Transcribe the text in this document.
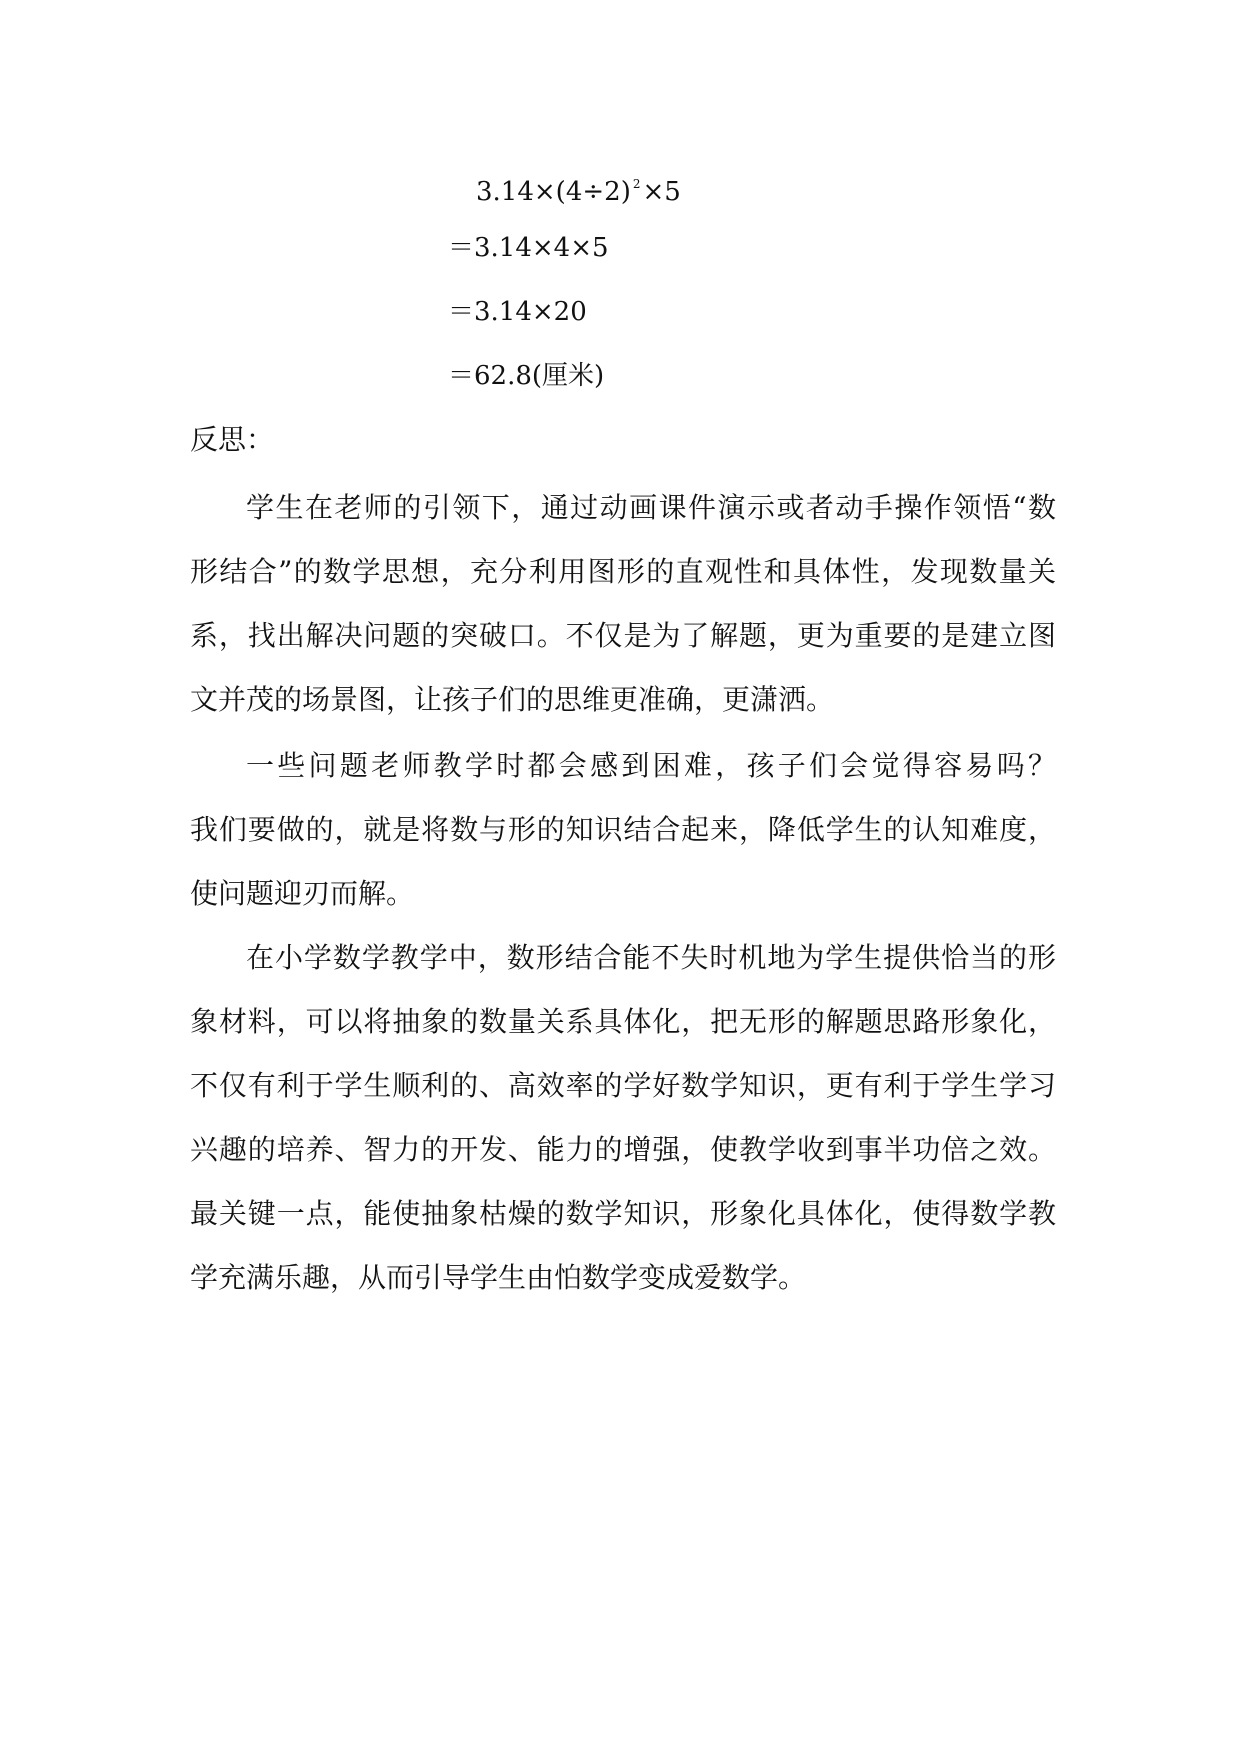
3.14×(4÷2) $^2$×5
＝3.14×4×5
＝3.14×20
＝62.8(厘米)
反思：
学生在老师的引领下，通过动画课件演示或者动手操作领悟“数
形结合”的数学思想，充分利用图形的直观性和具体性，发现数量关
系，找出解决问题的突破口。不仅是为了解题，更为重要的是建立图
文并茂的场景图，让孩子们的思维更准确，更潇洒。
一些问题老师教学时都会感到困难，孩子们会觉得容易吗？
我们要做的，就是将数与形的知识结合起来，降低学生的认知难度，
使问题迎刃而解。
在小学数学教学中，数形结合能不失时机地为学生提供恰当的形
象材料，可以将抽象的数量关系具体化，把无形的解题思路形象化，
不仅有利于学生顺利的、高效率的学好数学知识，更有利于学生学习
兴趣的培养、智力的开发、能力的增强，使教学收到事半功倍之效。
最关键一点，能使抽象枯燥的数学知识，形象化具体化，使得数学教
学充满乐趣，从而引导学生由怕数学变成爱数学。
